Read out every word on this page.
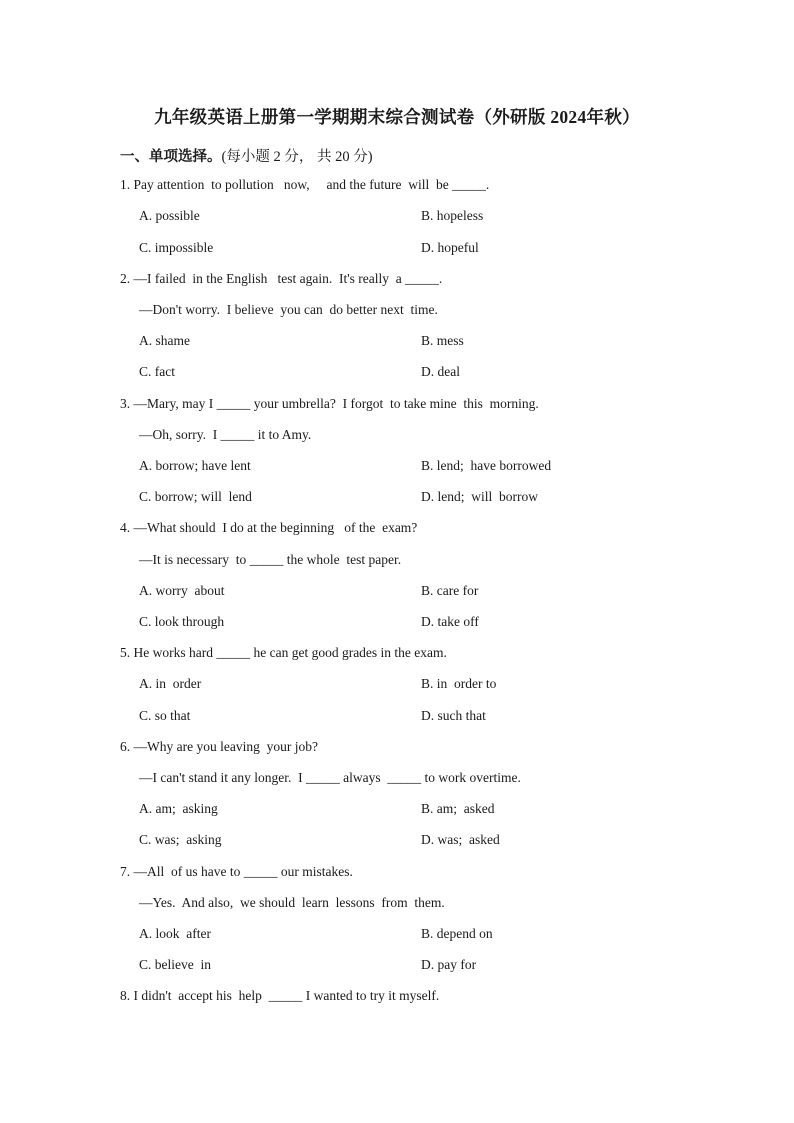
九年级英语上册第一学期期末综合测试卷（外研版 2024年秋）
一、单项选择。(每小题 2 分， 共 20 分)
1. Pay attention  to pollution   now,     and the future  will  be _____.
A. possible	B. hopeless
C. impossible	D. hopeful
2. —I failed  in the English   test again.  It's really  a _____.
—Don't worry.  I believe  you can  do better next  time.
A. shame	B. mess
C. fact	D. deal
3. —Mary, may I _____ your umbrella?  I forgot  to take mine  this  morning.
—Oh, sorry.  I _____ it to Amy.
A. borrow; have lent	B. lend;  have borrowed
C. borrow; will  lend	D. lend;  will  borrow
4. —What should  I do at the beginning   of the  exam?
—It is necessary  to _____ the whole  test paper.
A. worry  about	B. care for
C. look through	D. take off
5. He works hard _____ he can get good grades in the exam.
A. in  order	B. in  order to
C. so that	D. such that
6. —Why are you leaving  your job?
—I can't stand it any longer.  I _____ always  _____ to work overtime.
A. am;  asking	B. am;  asked
C. was;  asking	D. was;  asked
7. —All  of us have to _____ our mistakes.
—Yes.  And also,  we should  learn  lessons  from  them.
A. look  after	B. depend on
C. believe  in	D. pay for
8. I didn't  accept his  help  _____ I wanted to try it myself.
